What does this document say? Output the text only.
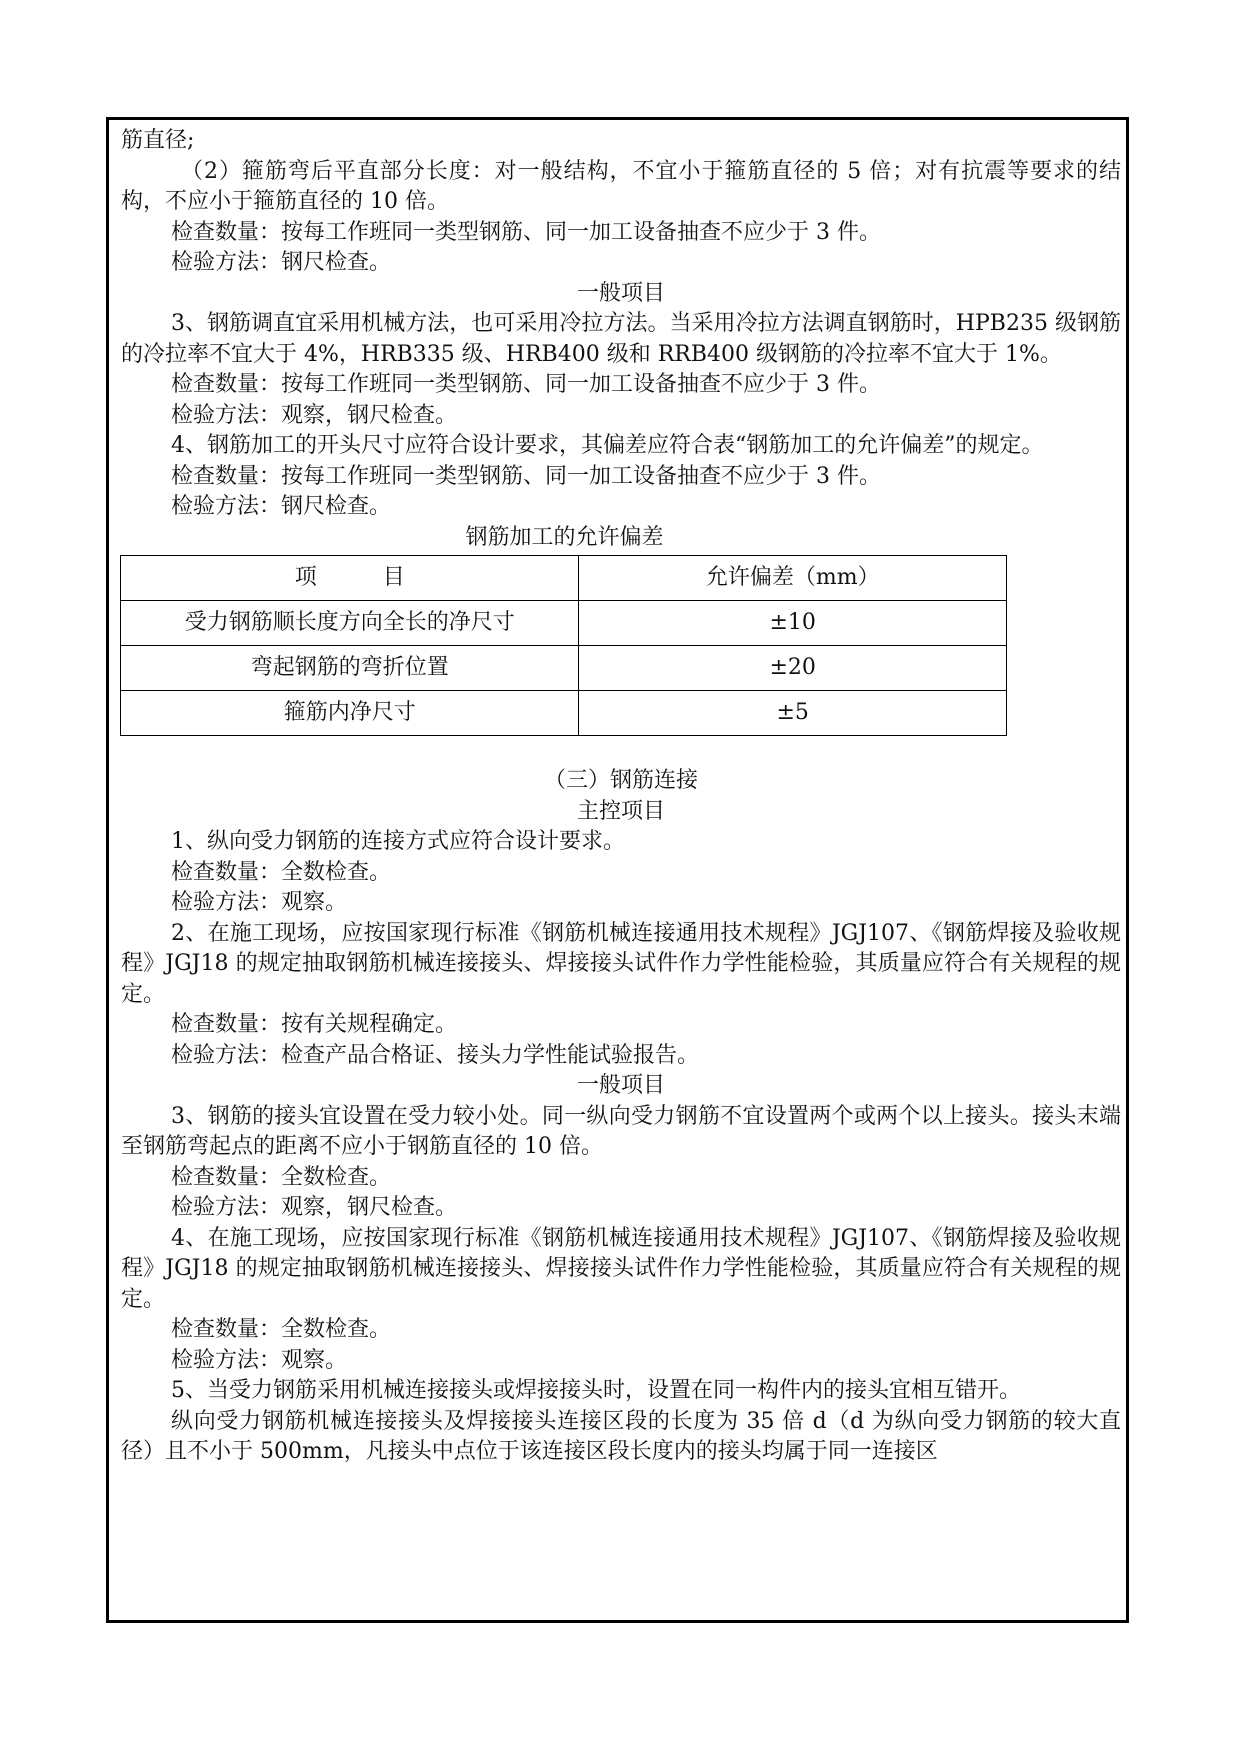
筋直径;

（2）箍筋弯后平直部分长度：对一般结构，不宜小于箍筋直径的 5 倍；对有抗震等要求的结构，不应小于箍筋直径的 10 倍。

检查数量：按每工作班同一类型钢筋、同一加工设备抽查不应少于 3 件。

检验方法：钢尺检查。

一般项目

3、钢筋调直宜采用机械方法，也可采用冷拉方法。当采用冷拉方法调直钢筋时，HPB235 级钢筋的冷拉率不宜大于 4%，HRB335 级、HRB400 级和 RRB400 级钢筋的冷拉率不宜大于 1%。

检查数量：按每工作班同一类型钢筋、同一加工设备抽查不应少于 3 件。

检验方法：观察，钢尺检查。

4、钢筋加工的开头尺寸应符合设计要求，其偏差应符合表“钢筋加工的允许偏差”的规定。

检查数量：按每工作班同一类型钢筋、同一加工设备抽查不应少于 3 件。

检验方法：钢尺检查。

钢筋加工的允许偏差

项　　　目	允许偏差（mm）
受力钢筋顺长度方向全长的净尺寸	±10
弯起钢筋的弯折位置	±20
箍筋内净尺寸	±5

（三）钢筋连接

主控项目

1、纵向受力钢筋的连接方式应符合设计要求。

检查数量：全数检查。

检验方法：观察。

2、在施工现场，应按国家现行标准《钢筋机械连接通用技术规程》JGJ107、《钢筋焊接及验收规程》JGJ18 的规定抽取钢筋机械连接接头、焊接接头试件作力学性能检验，其质量应符合有关规程的规定。

检查数量：按有关规程确定。

检验方法：检查产品合格证、接头力学性能试验报告。

一般项目

3、钢筋的接头宜设置在受力较小处。同一纵向受力钢筋不宜设置两个或两个以上接头。接头末端至钢筋弯起点的距离不应小于钢筋直径的 10 倍。

检查数量：全数检查。

检验方法：观察，钢尺检查。

4、在施工现场，应按国家现行标准《钢筋机械连接通用技术规程》JGJ107、《钢筋焊接及验收规程》JGJ18 的规定抽取钢筋机械连接接头、焊接接头试件作力学性能检验，其质量应符合有关规程的规定。

检查数量：全数检查。

检验方法：观察。

5、当受力钢筋采用机械连接接头或焊接接头时，设置在同一构件内的接头宜相互错开。

纵向受力钢筋机械连接接头及焊接接头连接区段的长度为 35 倍 d（d 为纵向受力钢筋的较大直径）且不小于 500mm，凡接头中点位于该连接区段长度内的接头均属于同一连接区
